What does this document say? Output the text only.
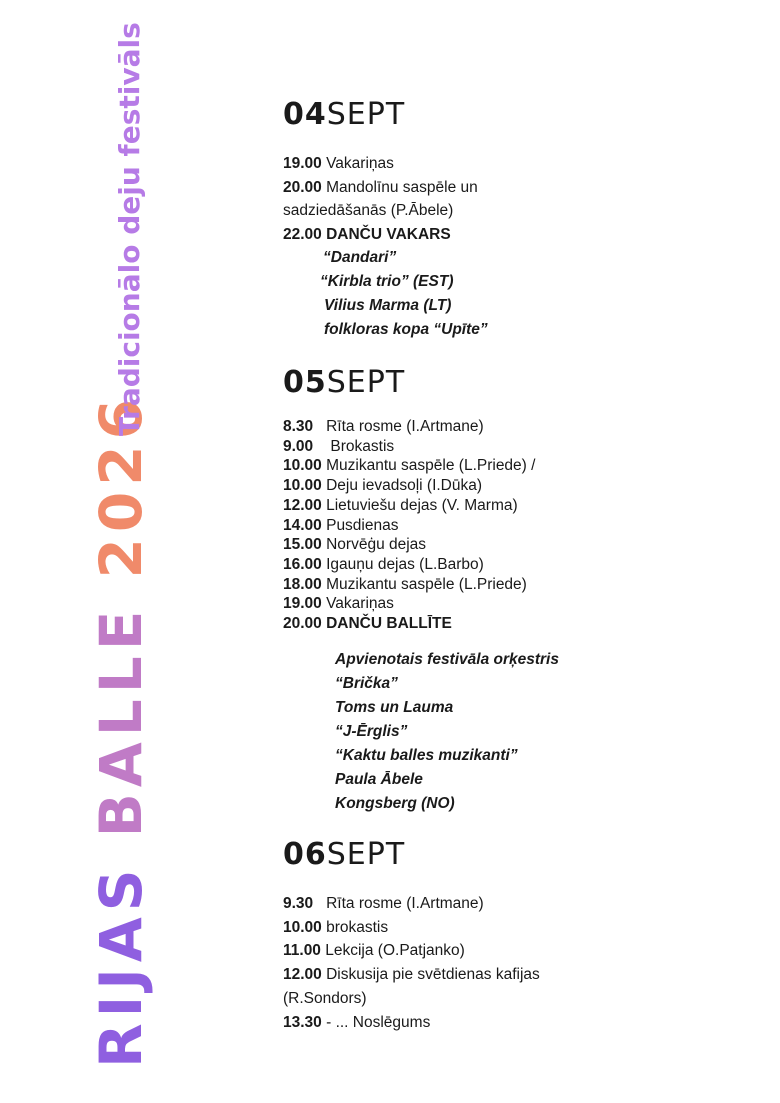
RIJAS BALLE 2026
Tradicionālo deju festivāls	04SEPT
19.00 Vakariņas
20.00 Mandolīnu saspēle un
sadziedāšanās (P.Ābele)
22.00 DANČU VAKARS
“Dandari”
“Kirbla trio” (EST)
Vilius Marma (LT)
folkloras kopa “Upīte”
05SEPT
8.30   Rīta rosme (I.Artmane)
9.00    Brokastis
10.00 Muzikantu saspēle (L.Priede) /
10.00 Deju ievadsoļi (I.Dūka)
12.00 Lietuviešu dejas (V. Marma)
14.00 Pusdienas
15.00 Norvēģu dejas
16.00 Igauņu dejas (L.Barbo)
18.00 Muzikantu saspēle (L.Priede)
19.00 Vakariņas
20.00 DANČU BALLĪTE
Apvienotais festivāla orķestris
“Brička”
Toms un Lauma
“J-Ērglis”
“Kaktu balles muzikanti”
Paula Ābele
Kongsberg (NO)
06SEPT
9.30   Rīta rosme (I.Artmane)
10.00 brokastis
11.00 Lekcija (O.Patjanko)
12.00 Diskusija pie svētdienas kafijas
(R.Sondors)
13.30 - ... Noslēgums
